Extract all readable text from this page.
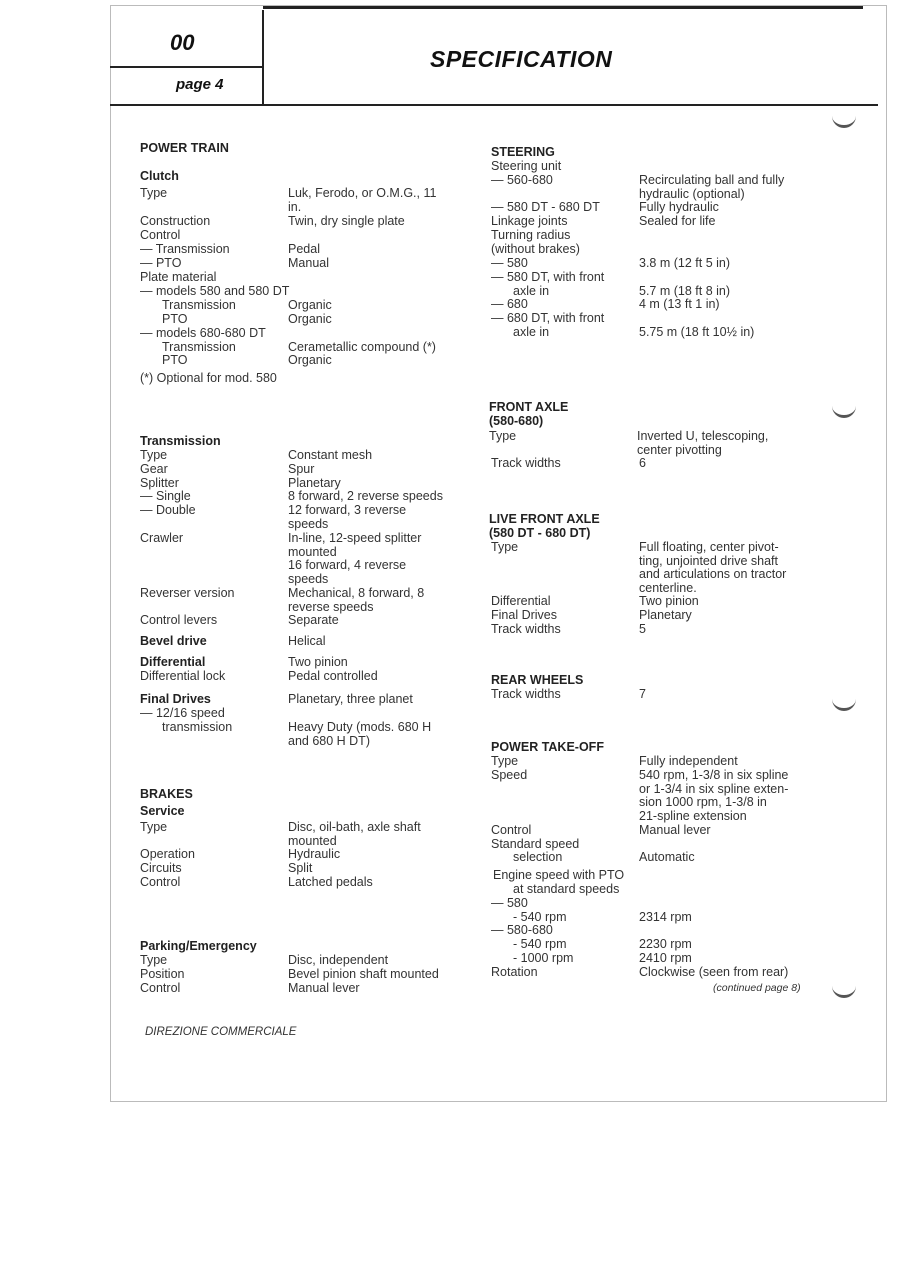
00
page 4
SPECIFICATION
POWER TRAIN
Clutch
Type	Luk, Ferodo, or O.M.G., 11
in.
Construction	Twin, dry single plate
Control
— Transmission	Pedal
— PTO	Manual
Plate material
— models 580 and 580 DT
Transmission	Organic
PTO	Organic
— models 680-680 DT
Transmission	Cerametallic compound (*)
PTO	Organic
(*) Optional for mod. 580
Transmission
Type	Constant mesh
Gear	Spur
Splitter	Planetary
— Single	8 forward, 2 reverse speeds
— Double	12 forward, 3 reverse
speeds
Crawler	In-line, 12-speed splitter
mounted
16 forward, 4 reverse
speeds
Reverser version	Mechanical, 8 forward, 8
reverse speeds
Control levers	Separate
Bevel drive	Helical
Differential	Two pinion
Differential lock	Pedal controlled
Final Drives	Planetary, three planet
— 12/16 speed
transmission	Heavy Duty (mods. 680 H
and 680 H DT)
BRAKES
Service
Type	Disc, oil-bath, axle shaft
mounted
Operation	Hydraulic
Circuits	Split
Control	Latched pedals
Parking/Emergency
Type	Disc, independent
Position	Bevel pinion shaft mounted
Control	Manual lever
DIREZIONE COMMERCIALE
STEERING
Steering unit
— 560-680	Recirculating ball and fully
hydraulic (optional)
— 580 DT - 680 DT	Fully hydraulic
Linkage joints	Sealed for life
Turning radius
(without brakes)
— 580	3.8 m (12 ft 5 in)
— 580 DT, with front
axle in	5.7 m (18 ft 8 in)
— 680	4 m (13 ft 1 in)
— 680 DT, with front
axle in	5.75 m (18 ft 10½ in)
FRONT AXLE
(580-680)
Type	Inverted U, telescoping,
center pivotting
Track widths	6
LIVE FRONT AXLE
(580 DT - 680 DT)
Type	Full floating, center pivot-
ting, unjointed drive shaft
and articulations on tractor
centerline.
Differential	Two pinion
Final Drives	Planetary
Track widths	5
REAR WHEELS
Track widths	7
POWER TAKE-OFF
Type	Fully independent
Speed	540 rpm, 1-3/8 in six spline
or 1-3/4 in six spline exten-
sion 1000 rpm, 1-3/8 in
21-spline extension
Control	Manual lever
Standard speed
selection	Automatic
Engine speed with PTO
at standard speeds
— 580
- 540 rpm	2314 rpm
— 580-680
- 540 rpm	2230 rpm
- 1000 rpm	2410 rpm
Rotation	Clockwise (seen from rear)
(continued page 8)
